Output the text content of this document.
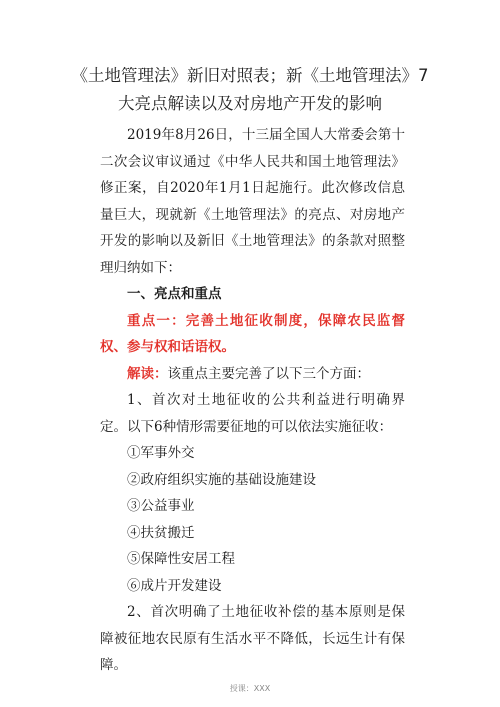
《土地管理法》新旧对照表；新《土地管理法》7大亮点解读以及对房地产开发的影响

2019年8月26日，十三届全国人大常委会第十二次会议审议通过《中华人民共和国土地管理法》修正案，自2020年1月1日起施行。此次修改信息量巨大，现就新《土地管理法》的亮点、对房地产开发的影响以及新旧《土地管理法》的条款对照整理归纳如下：

一、亮点和重点

重点一：完善土地征收制度，保障农民监督权、参与权和话语权。

解读：该重点主要完善了以下三个方面：

1、首次对土地征收的公共利益进行明确界定。以下6种情形需要征地的可以依法实施征收：

①军事外交

②政府组织实施的基础设施建设

③公益事业

④扶贫搬迁

⑤保障性安居工程

⑥成片开发建设

2、首次明确了土地征收补偿的基本原则是保障被征地农民原有生活水平不降低，长远生计有保障。

授课：XXX
